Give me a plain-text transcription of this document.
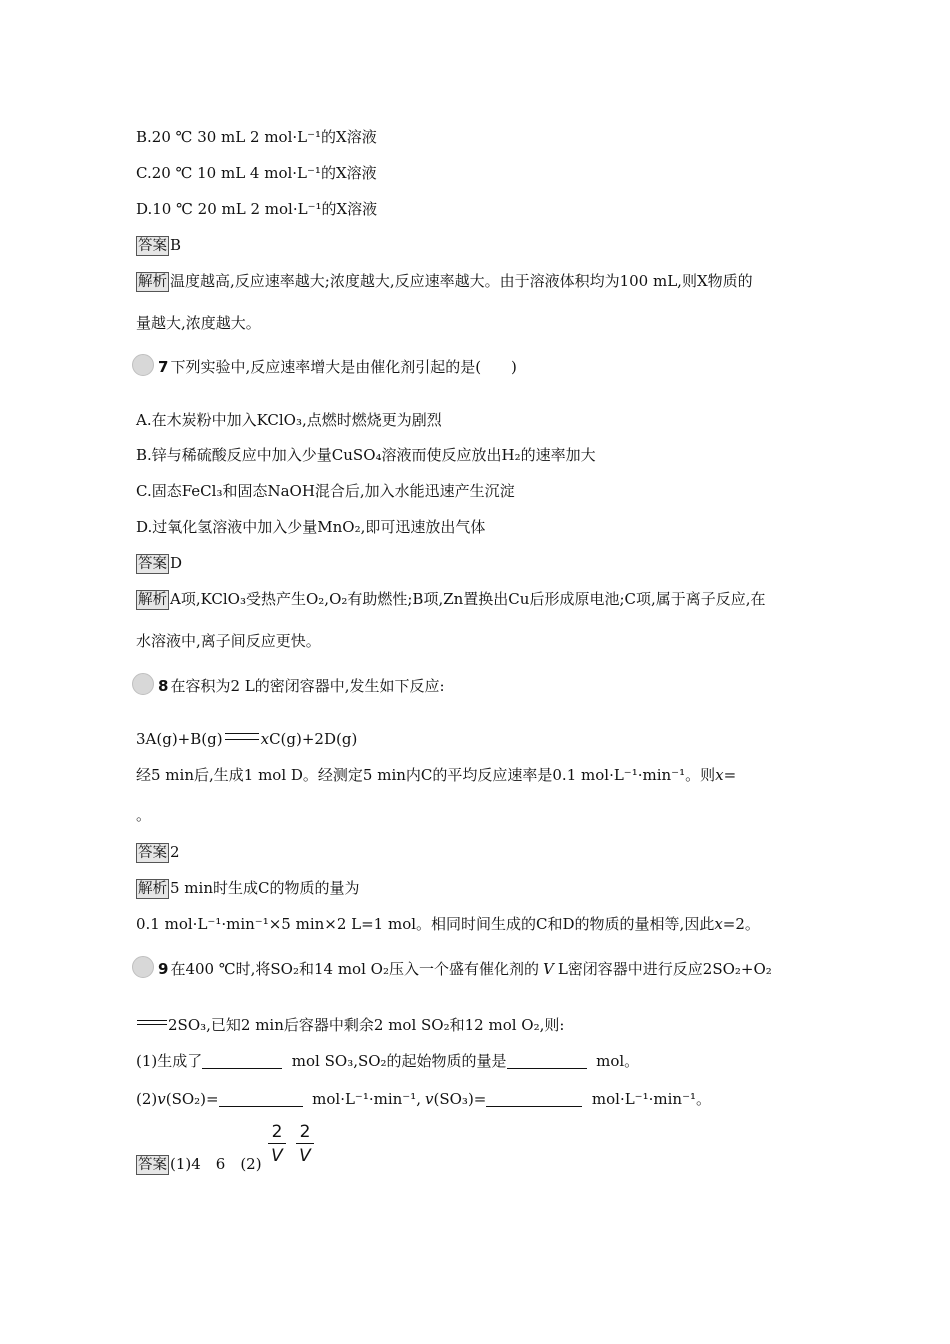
B.20 ℃ 30 mL 2 mol·L⁻¹的X溶液
C.20 ℃ 10 mL 4 mol·L⁻¹的X溶液
D.10 ℃ 20 mL 2 mol·L⁻¹的X溶液
答案 B
解析 温度越高,反应速率越大;浓度越大,反应速率越大。由于溶液体积均为100 mL,则X物质的
量越大,浓度越大。
7 下列实验中,反应速率增大是由催化剂引起的是(　　)
A.在木炭粉中加入KClO₃,点燃时燃烧更为剧烈
B.锌与稀硫酸反应中加入少量CuSO₄溶液而使反应放出H₂的速率加大
C.固态FeCl₃和固态NaOH混合后,加入水能迅速产生沉淀
D.过氧化氢溶液中加入少量MnO₂,即可迅速放出气体
答案 D
解析 A项,KClO₃受热产生O₂,O₂有助燃性;B项,Zn置换出Cu后形成原电池;C项,属于离子反应,在
水溶液中,离子间反应更快。
8 在容积为2 L的密闭容器中,发生如下反应:
3A(g)+B(g)	xC(g)+2D(g)
经5 min后,生成1 mol D。经测定5 min内C的平均反应速率是0.1 mol·L⁻¹·min⁻¹。则x=
。
答案 2
解析 5 min时生成C的物质的量为
0.1 mol·L⁻¹·min⁻¹×5 min×2 L=1 mol。相同时间生成的C和D的物质的量相等,因此x=2。
9 在400 ℃时,将SO₂和14 mol O₂压入一个盛有催化剂的 V L密闭容器中进行反应2SO₂+O₂
2SO₃,已知2 min后容器中剩余2 mol SO₂和12 mol O₂,则:
(1)生成了	mol SO₃,SO₂的起始物质的量是	mol。
(2)v(SO₂)=	mol·L⁻¹·min⁻¹, v(SO₃)=	mol·L⁻¹·min⁻¹。
答案 (1)4　6　$(2) \frac{2}{V} \frac{2}{V}$
